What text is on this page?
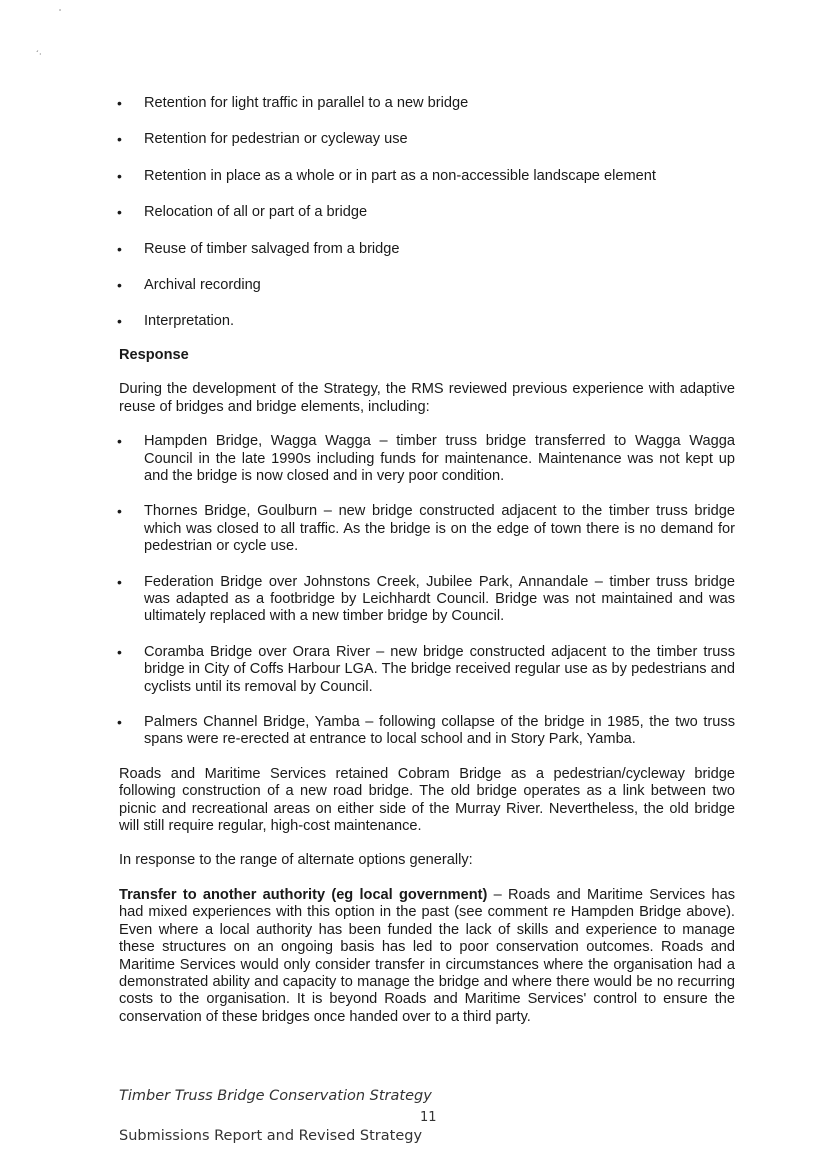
˒
´·
• Retention for light traffic in parallel to a new bridge
• Retention for pedestrian or cycleway use
• Retention in place as a whole or in part as a non-accessible landscape element
• Relocation of all or part of a bridge
• Reuse of timber salvaged from a bridge
• Archival recording
• Interpretation.
Response

During the development of the Strategy, the RMS reviewed previous experience with adaptive reuse of bridges and bridge elements, including:

• Hampden Bridge, Wagga Wagga – timber truss bridge transferred to Wagga Wagga Council in the late 1990s including funds for maintenance. Maintenance was not kept up and the bridge is now closed and in very poor condition.
• Thornes Bridge, Goulburn – new bridge constructed adjacent to the timber truss bridge which was closed to all traffic. As the bridge is on the edge of town there is no demand for pedestrian or cycle use.
• Federation Bridge over Johnstons Creek, Jubilee Park, Annandale – timber truss bridge was adapted as a footbridge by Leichhardt Council. Bridge was not maintained and was ultimately replaced with a new timber bridge by Council.
• Coramba Bridge over Orara River – new bridge constructed adjacent to the timber truss bridge in City of Coffs Harbour LGA. The bridge received regular use as by pedestrians and cyclists until its removal by Council.
• Palmers Channel Bridge, Yamba – following collapse of the bridge in 1985, the two truss spans were re-erected at entrance to local school and in Story Park, Yamba.

Roads and Maritime Services retained Cobram Bridge as a pedestrian/cycleway bridge following construction of a new road bridge. The old bridge operates as a link between two picnic and recreational areas on either side of the Murray River. Nevertheless, the old bridge will still require regular, high-cost maintenance.

In response to the range of alternate options generally:

Transfer to another authority (eg local government) – Roads and Maritime Services has had mixed experiences with this option in the past (see comment re Hampden Bridge above). Even where a local authority has been funded the lack of skills and experience to manage these structures on an ongoing basis has led to poor conservation outcomes. Roads and Maritime Services would only consider transfer in circumstances where the organisation had a demonstrated ability and capacity to manage the bridge and where there would be no recurring costs to the organisation. It is beyond Roads and Maritime Services' control to ensure the conservation of these bridges once handed over to a third party.

Timber Truss Bridge Conservation Strategy
11
Submissions Report and Revised Strategy
